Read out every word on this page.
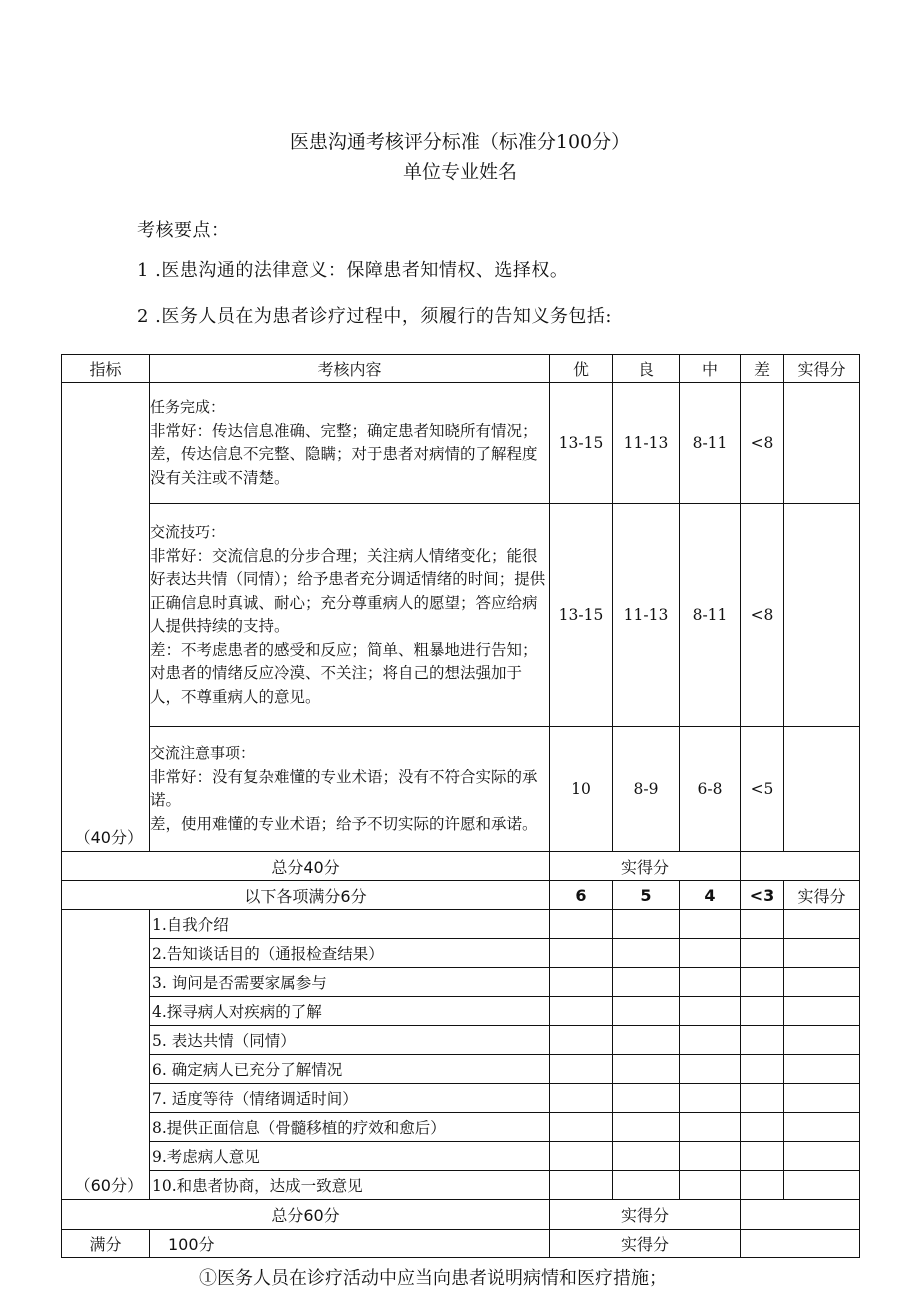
医患沟通考核评分标准（标准分100分）
单位专业姓名
考核要点：
1 .医患沟通的法律意义：保障患者知情权、选择权。
2 .医务人员在为患者诊疗过程中，须履行的告知义务包括:
指标	考核内容	优	良	中	差	实得分
（40分）	任务完成：
非常好：传达信息准确、完整；确定患者知晓所有情况；
差，传达信息不完整、隐瞒；对于患者对病情的了解程度没有关注或不清楚。	13-15	11-13	8-11	<8	

	交流技巧：
非常好：交流信息的分步合理；关注病人情绪变化；能很好表达共情（同情）；给予患者充分调适情绪的时间；提供正确信息时真诚、耐心；充分尊重病人的愿望；答应给病人提供持续的支持。
差：不考虑患者的感受和反应；简单、粗暴地进行告知；对患者的情绪反应冷漠、不关注；将自己的想法强加于人，不尊重病人的意见。	13-15	11-13	8-11	<8	

	交流注意事项：
非常好：没有复杂难懂的专业术语；没有不符合实际的承诺。
差，使用难懂的专业术语；给予不切实际的许愿和承诺。	10	8-9	6-8	<5	
总分40分		实得分				
以下各项满分6分		6	5	4	<3	实得分
（60分）	1.自我介绍					
	2.告知谈话目的（通报检查结果）					
	3. 询问是否需要家属参与					
	4.探寻病人对疾病的了解					
	5. 表达共情（同情）					
	6. 确定病人已充分了解情况					
	7. 适度等待（情绪调适时间）					
	8.提供正面信息（骨髓移植的疗效和愈后）					
	9.考虑病人意见					
	10.和患者协商，达成一致意见					
总分60分		实得分				
满分	100分	实得分				
①医务人员在诊疗活动中应当向患者说明病情和医疗措施；
